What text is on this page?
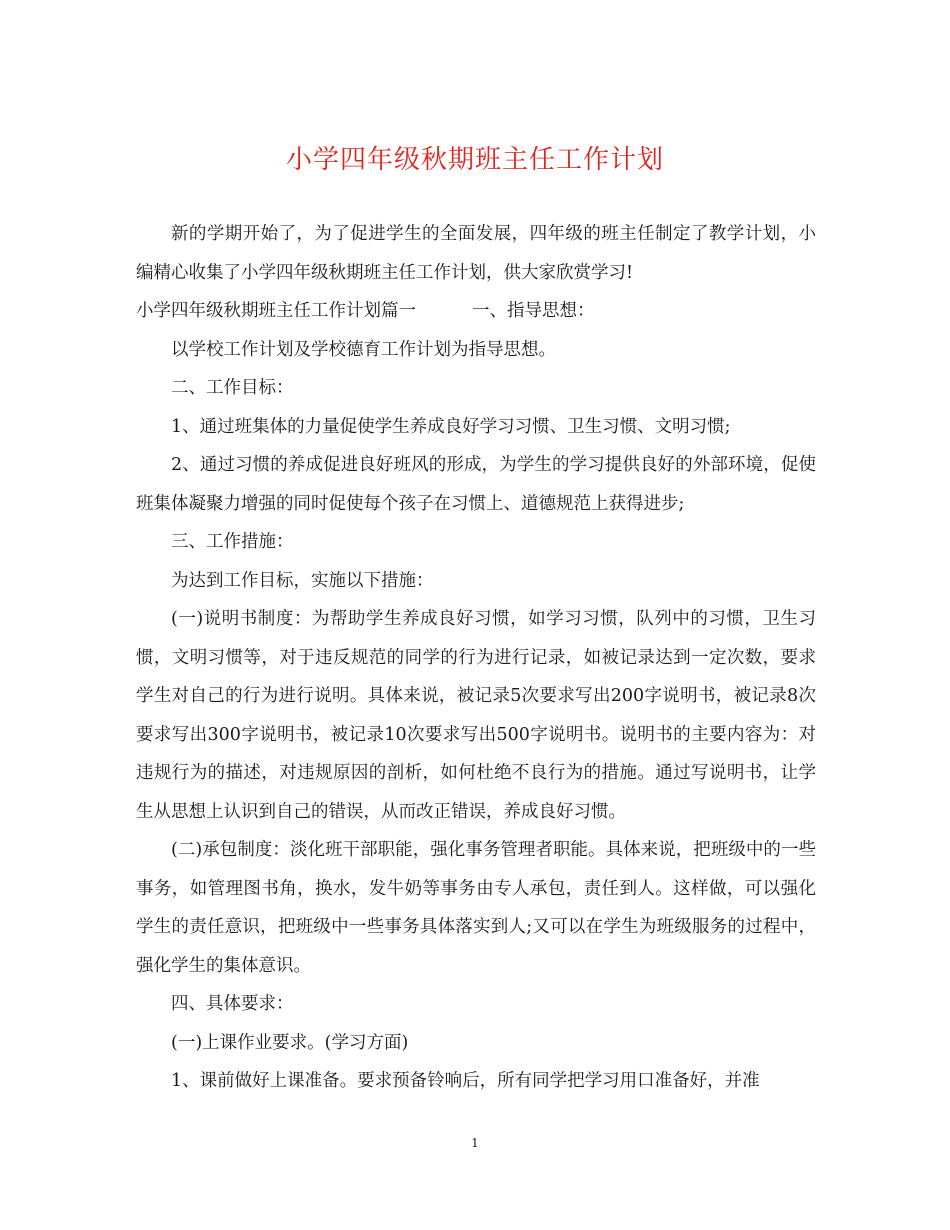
小学四年级秋期班主任工作计划

新的学期开始了，为了促进学生的全面发展，四年级的班主任制定了教学计划，小编精心收集了小学四年级秋期班主任工作计划，供大家欣赏学习!

小学四年级秋期班主任工作计划篇一	一、指导思想：

以学校工作计划及学校德育工作计划为指导思想。

二、工作目标：

1、通过班集体的力量促使学生养成良好学习习惯、卫生习惯、文明习惯;

2、通过习惯的养成促进良好班风的形成，为学生的学习提供良好的外部环境，促使班集体凝聚力增强的同时促使每个孩子在习惯上、道德规范上获得进步;

三、工作措施：

为达到工作目标，实施以下措施：

(一)说明书制度：为帮助学生养成良好习惯，如学习习惯，队列中的习惯，卫生习惯，文明习惯等，对于违反规范的同学的行为进行记录，如被记录达到一定次数，要求学生对自己的行为进行说明。具体来说，被记录5次要求写出200字说明书，被记录8次要求写出300字说明书，被记录10次要求写出500字说明书。说明书的主要内容为：对违规行为的描述，对违规原因的剖析，如何杜绝不良行为的措施。通过写说明书，让学生从思想上认识到自己的错误，从而改正错误，养成良好习惯。

(二)承包制度：淡化班干部职能，强化事务管理者职能。具体来说，把班级中的一些事务，如管理图书角，换水，发牛奶等事务由专人承包，责任到人。这样做，可以强化学生的责任意识，把班级中一些事务具体落实到人;又可以在学生为班级服务的过程中，强化学生的集体意识。

四、具体要求：

(一)上课作业要求。(学习方面)

1、课前做好上课准备。要求预备铃响后，所有同学把学习用口准备好，并准

1
